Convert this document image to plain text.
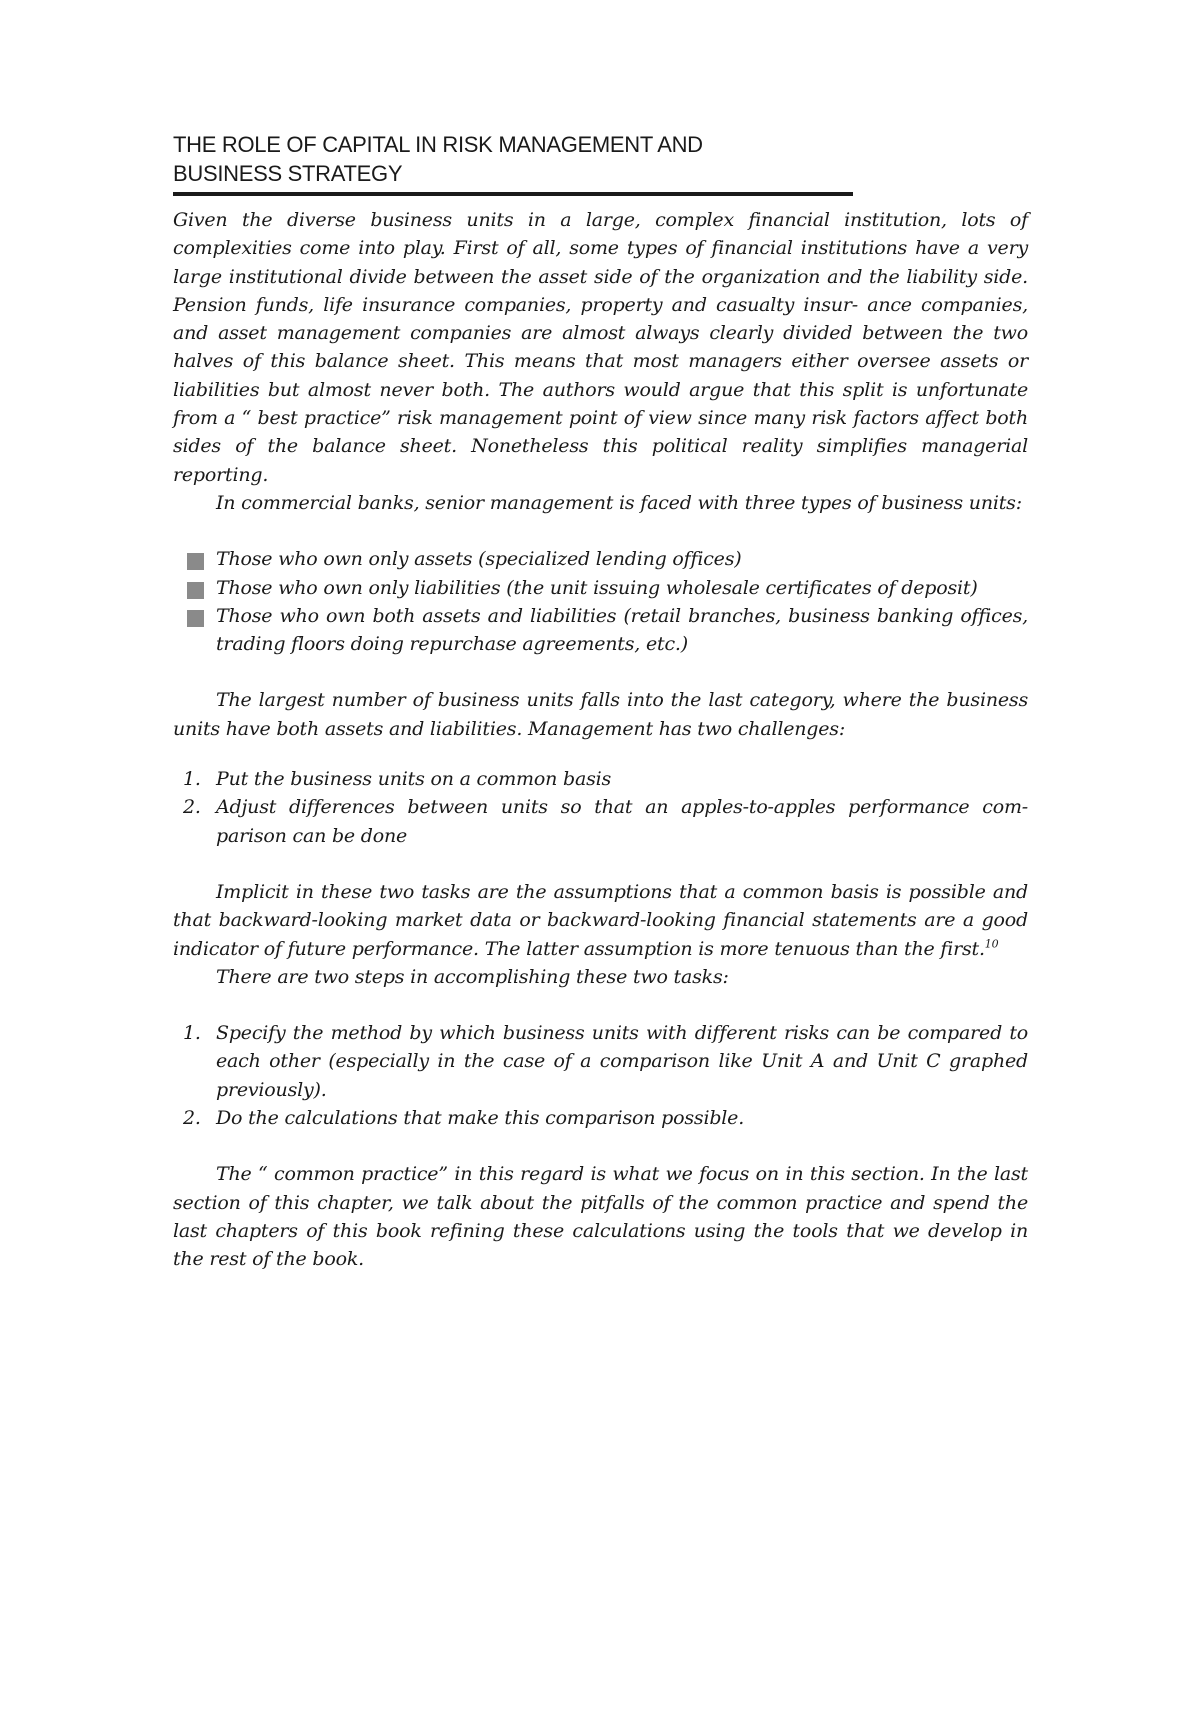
THE ROLE OF CAPITAL IN RISK MANAGEMENT AND
BUSINESS STRATEGY

Given the diverse business units in a large, complex financial institution, lots of complexities come into play. First of all, some types of financial institutions have a very large institutional divide between the asset side of the organization and the liability side. Pension funds, life insurance companies, property and casualty insur- ance companies, and asset management companies are almost always clearly divided between the two halves of this balance sheet. This means that most managers either oversee assets or liabilities but almost never both. The authors would argue that this split is unfortunate from a “ best practice” risk management point of view since many risk factors affect both sides of the balance sheet. Nonetheless this political reality simplifies managerial reporting.

In commercial banks, senior management is faced with three types of business units:

Those who own only assets (specialized lending offices)
Those who own only liabilities (the unit issuing wholesale certificates of deposit)
Those who own both assets and liabilities (retail branches, business banking offices, trading floors doing repurchase agreements, etc.)

The largest number of business units falls into the last category, where the business units have both assets and liabilities. Management has two challenges:

1. Put the business units on a common basis
2. Adjust differences between units so that an apples-to-apples performance com- parison can be done

Implicit in these two tasks are the assumptions that a common basis is possible and that backward-looking market data or backward-looking financial statements are a good indicator of future performance. The latter assumption is more tenuous than the first.$^{10}$

There are two steps in accomplishing these two tasks:

1. Specify the method by which business units with different risks can be compared to each other (especially in the case of a comparison like Unit A and Unit C graphed previously).
2. Do the calculations that make this comparison possible.

The “ common practice” in this regard is what we focus on in this section. In the last section of this chapter, we talk about the pitfalls of the common practice and spend the last chapters of this book refining these calculations using the tools that we develop in the rest of the book.
